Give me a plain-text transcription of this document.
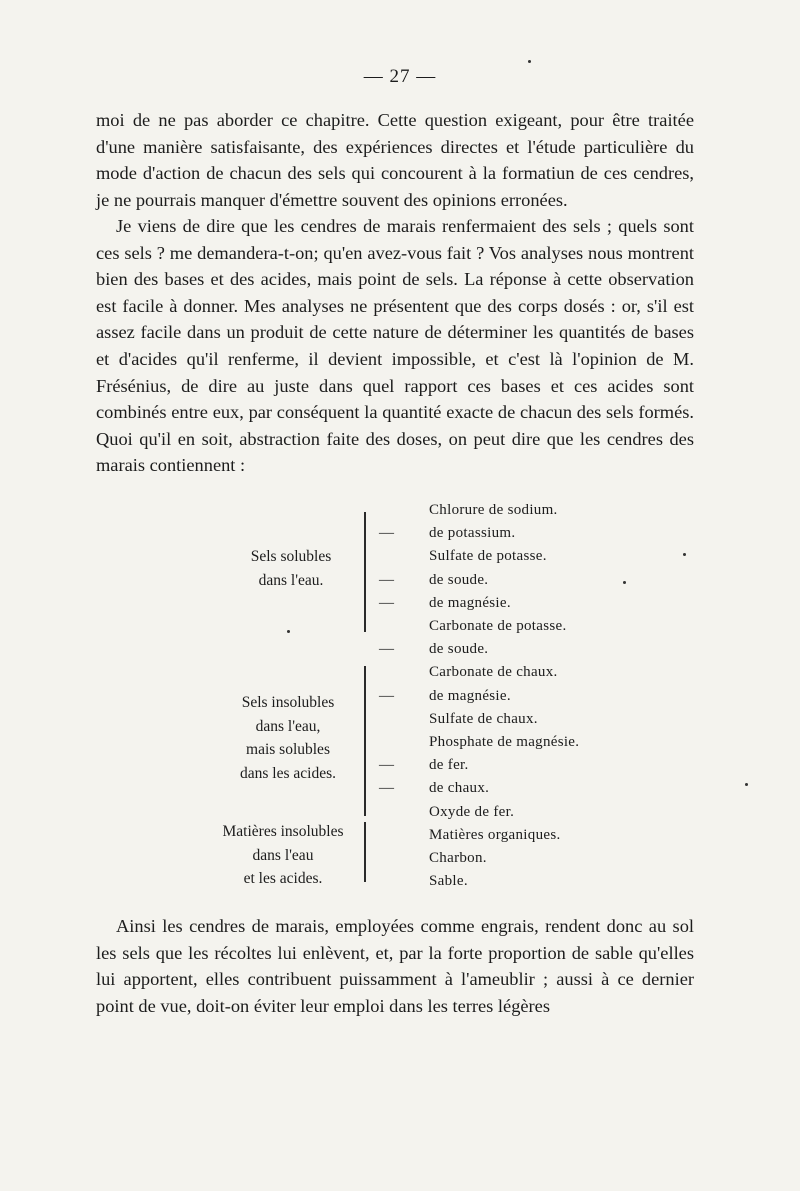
— 27 —

moi de ne pas aborder ce chapitre. Cette question exigeant, pour être traitée d'une manière satisfaisante, des expériences directes et l'étude particulière du mode d'action de chacun des sels qui concourent à la formatiun de ces cendres, je ne pourrais manquer d'émettre souvent des opinions erronées.

Je viens de dire que les cendres de marais renfermaient des sels ; quels sont ces sels ? me demandera-t-on; qu'en avez-vous fait ? Vos analyses nous montrent bien des bases et des acides, mais point de sels. La réponse à cette observation est facile à donner. Mes analyses ne présentent que des corps dosés : or, s'il est assez facile dans un produit de cette nature de déterminer les quantités de bases et d'acides qu'il renferme, il devient impossible, et c'est là l'opinion de M. Frésénius, de dire au juste dans quel rapport ces bases et ces acides sont combinés entre eux, par conséquent la quantité exacte de chacun des sels formés. Quoi qu'il en soit, abstraction faite des doses, on peut dire que les cendres des marais contiennent :

Sels solubles
dans l'eau.
Sels insolubles
dans l'eau,
mais solubles
dans les acides.
Matières insolubles
dans l'eau
et les acides.
Chlorure de sodium.
— de potassium.
Sulfate de potasse.
— de soude.
— de magnésie.
Carbonate de potasse.
— de soude.
Carbonate de chaux.
— de magnésie.
Sulfate de chaux.
Phosphate de magnésie.
— de fer.
— de chaux.
Oxyde de fer.
Matières organiques.
Charbon.
Sable.

Ainsi les cendres de marais, employées comme engrais, rendent donc au sol les sels que les récoltes lui enlèvent, et, par la forte proportion de sable qu'elles lui apportent, elles contribuent puissamment à l'ameublir ; aussi à ce dernier point de vue, doit-on éviter leur emploi dans les terres légères
